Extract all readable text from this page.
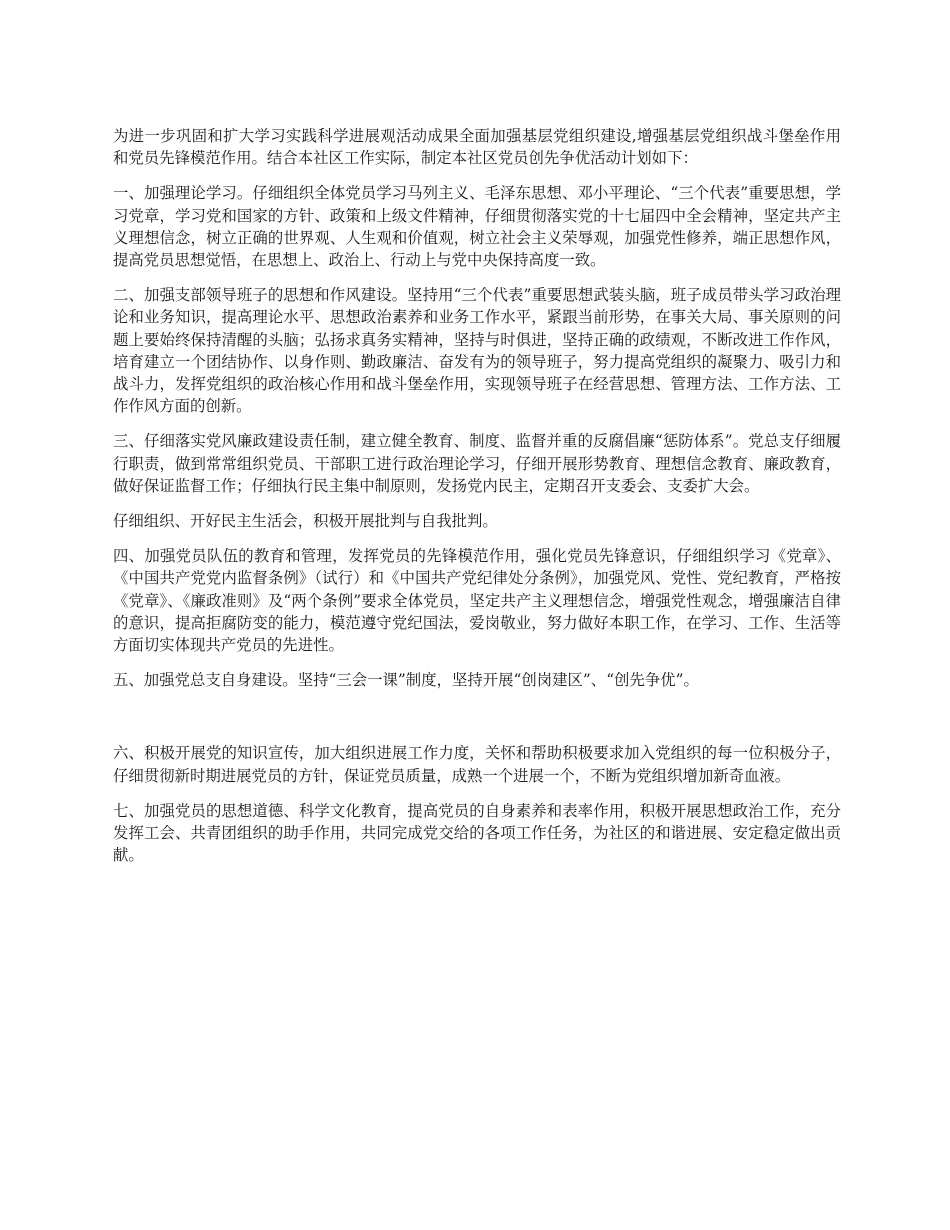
为进一步巩固和扩大学习实践科学进展观活动成果全面加强基层党组织建设,增强基层党组织战斗堡垒作用和党员先锋模范作用。结合本社区工作实际，制定本社区党员创先争优活动计划如下：

一、加强理论学习。仔细组织全体党员学习马列主义、毛泽东思想、邓小平理论、“三个代表”重要思想，学习党章，学习党和国家的方针、政策和上级文件精神，仔细贯彻落实党的十七届四中全会精神，坚定共产主义理想信念，树立正确的世界观、人生观和价值观，树立社会主义荣辱观，加强党性修养，端正思想作风，提高党员思想觉悟，在思想上、政治上、行动上与党中央保持高度一致。

二、加强支部领导班子的思想和作风建设。坚持用“三个代表”重要思想武装头脑，班子成员带头学习政治理论和业务知识，提高理论水平、思想政治素养和业务工作水平，紧跟当前形势，在事关大局、事关原则的问题上要始终保持清醒的头脑；弘扬求真务实精神，坚持与时俱进，坚持正确的政绩观，不断改进工作作风，培育建立一个团结协作、以身作则、勤政廉洁、奋发有为的领导班子，努力提高党组织的凝聚力、吸引力和战斗力，发挥党组织的政治核心作用和战斗堡垒作用，实现领导班子在经营思想、管理方法、工作方法、工作作风方面的创新。

三、仔细落实党风廉政建设责任制，建立健全教育、制度、监督并重的反腐倡廉“惩防体系”。党总支仔细履行职责，做到常常组织党员、干部职工进行政治理论学习，仔细开展形势教育、理想信念教育、廉政教育，做好保证监督工作；仔细执行民主集中制原则，发扬党内民主，定期召开支委会、支委扩大会。

仔细组织、开好民主生活会，积极开展批判与自我批判。

四、加强党员队伍的教育和管理，发挥党员的先锋模范作用，强化党员先锋意识，仔细组织学习《党章》、《中国共产党党内监督条例》（试行）和《中国共产党纪律处分条例》，加强党风、党性、党纪教育，严格按《党章》、《廉政准则》及“两个条例”要求全体党员，坚定共产主义理想信念，增强党性观念，增强廉洁自律的意识，提高拒腐防变的能力，模范遵守党纪国法，爱岗敬业，努力做好本职工作，在学习、工作、生活等方面切实体现共产党员的先进性。

五、加强党总支自身建设。坚持“三会一课”制度，坚持开展“创岗建区”、“创先争优”。

六、积极开展党的知识宣传，加大组织进展工作力度，关怀和帮助积极要求加入党组织的每一位积极分子，仔细贯彻新时期进展党员的方针，保证党员质量，成熟一个进展一个，不断为党组织增加新奇血液。

七、加强党员的思想道德、科学文化教育，提高党员的自身素养和表率作用，积极开展思想政治工作，充分发挥工会、共青团组织的助手作用，共同完成党交给的各项工作任务，为社区的和谐进展、安定稳定做出贡献。
